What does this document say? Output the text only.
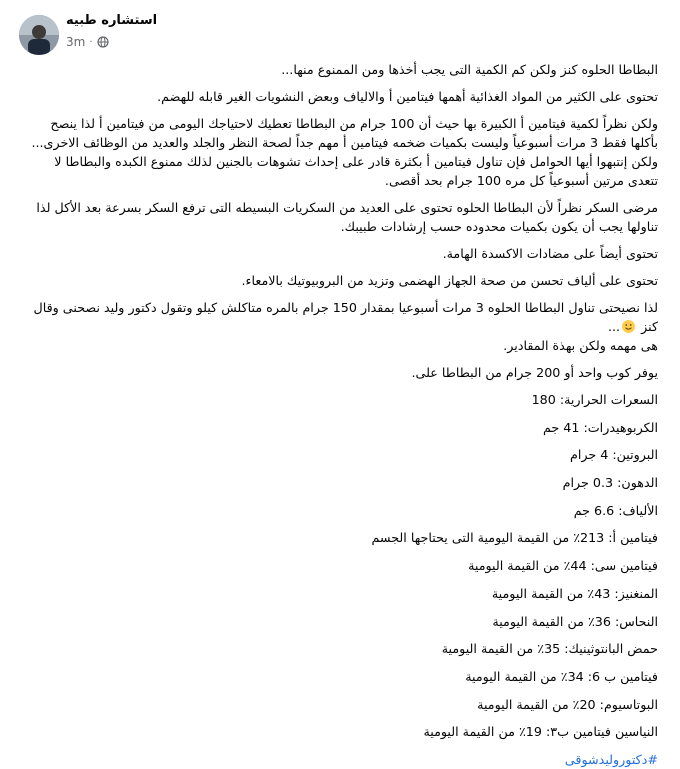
استشاره طبيه
3m ·
البطاطا الحلوه كنز ولكن كم الكمية التى يجب أخذها ومن الممنوع منها...
تحتوى على الكثير من المواد الغذائية أهمها فيتامين أ والالياف وبعض النشويات الغير قابله للهضم.
ولكن نظراً لكمية فيتامين أ الكبيرة بها حيث أن 100 جرام من البطاطا تعطيك لاحتياجك اليومى من فيتامين أ لذا ينصح بأكلها فقط 3 مرات أسبوعياً وليست بكميات ضخمه فيتامين أ مهم جداً لصحة النظر والجلد والعديد من الوظائف الاخرى... ولكن إنتبهوا أيها الحوامل فإن تناول فيتامين أ بكثرة قادر على إحداث تشوهات بالجنين لذلك ممنوع الكبده والبطاطا لا تتعدى مرتين أسبوعياً كل مره 100 جرام بحد أقصى.
مرضى السكر نظراً لأن البطاطا الحلوه تحتوى على العديد من السكريات البسيطه التى ترفع السكر بسرعة بعد الأكل لذا تناولها يجب أن يكون بكميات محدوده حسب إرشادات طبيبك.
تحتوى أيضاً على مضادات الاكسدة الهامة.
تحتوى على ألياف تحسن من صحة الجهاز الهضمى وتزيد من البروبيوتيك بالامعاء.
لذا نصيحتى تناول البطاطا الحلوه 3 مرات أسبوعيا بمقدار 150 جرام بالمره متاكلش كيلو وتقول دكتور وليد نصحنى وقال كنز
...
هى مهمه ولكن بهذة المقادير.
يوفر كوب واحد أو 200 جرام من البطاطا على.
السعرات الحرارية: 180
الكربوهيدرات: 41 جم
البروتين: 4 جرام
الدهون: 0.3 جرام
الألياف: 6.6 جم
فيتامين أ: 213٪ من القيمة اليومية التى يحتاجها الجسم
فيتامين سى: 44٪ من القيمة اليومية
المنغنيز: 43٪ من القيمة اليومية
النحاس: 36٪ من القيمة اليومية
حمض البانتوثينيك: 35٪ من القيمة اليومية
فيتامين ب 6: 34٪ من القيمة اليومية
البوتاسيوم: 20٪ من القيمة اليومية
النياسين فيتامين ب٣: 19٪ من القيمة اليومية
#دكتوروليدشوقى
